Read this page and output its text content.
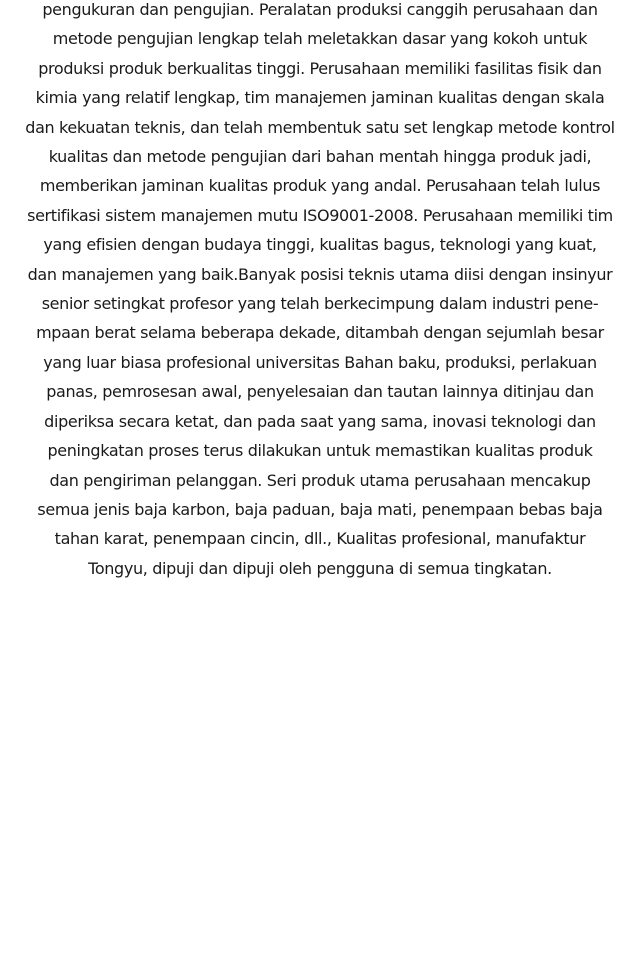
pengukuran dan pengujian. Peralatan produksi canggih perusahaan dan
metode pengujian lengkap telah meletakkan dasar yang kokoh untuk
produksi produk berkualitas tinggi. Perusahaan memiliki fasilitas fisik dan
kimia yang relatif lengkap, tim manajemen jaminan kualitas dengan skala
dan kekuatan teknis, dan telah membentuk satu set lengkap metode kontrol
kualitas dan metode pengujian dari bahan mentah hingga produk jadi,
memberikan jaminan kualitas produk yang andal. Perusahaan telah lulus
sertifikasi sistem manajemen mutu ISO9001-2008. Perusahaan memiliki tim
yang efisien dengan budaya tinggi, kualitas bagus, teknologi yang kuat,
dan manajemen yang baik.Banyak posisi teknis utama diisi dengan insinyur
senior setingkat profesor yang telah berkecimpung dalam industri pene-
mpaan berat selama beberapa dekade, ditambah dengan sejumlah besar
yang luar biasa profesional universitas Bahan baku, produksi, perlakuan
panas, pemrosesan awal, penyelesaian dan tautan lainnya ditinjau dan
diperiksa secara ketat, dan pada saat yang sama, inovasi teknologi dan
peningkatan proses terus dilakukan untuk memastikan kualitas produk
dan pengiriman pelanggan. Seri produk utama perusahaan mencakup
semua jenis baja karbon, baja paduan, baja mati, penempaan bebas baja
tahan karat, penempaan cincin, dll., Kualitas profesional, manufaktur
Tongyu, dipuji dan dipuji oleh pengguna di semua tingkatan.
